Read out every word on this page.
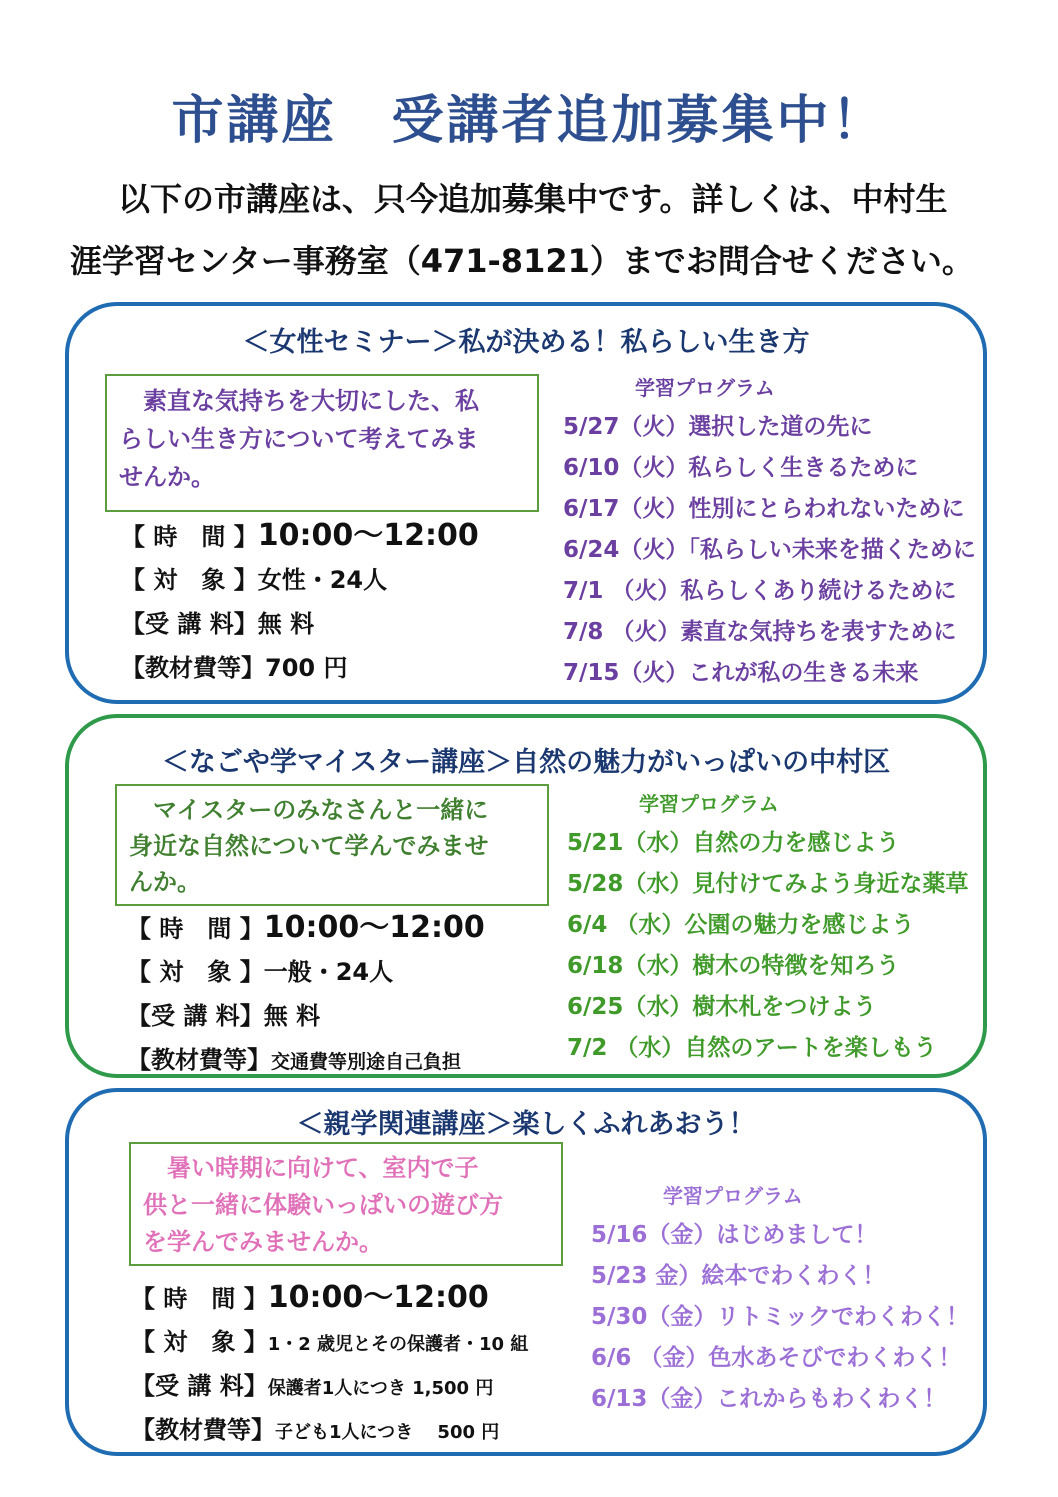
市講座　受講者追加募集中！
以下の市講座は、只今追加募集中です。詳しくは、中村生
涯学習センター事務室（471‑8121）までお問合せください。
＜女性セミナー＞私が決める！私らしい生き方
素直な気持ちを大切にした、私
らしい生き方について考えてみま
せんか。
【 時　間 】10:00〜12:00
【 対　象 】女性・24人
【受 講 料】無 料
【教材費等】700 円
学習プログラム
5/27（火）選択した道の先に
6/10（火）私らしく生きるために
6/17（火）性別にとらわれないために
6/24（火）「私らしい未来を描くために
7/1 （火）私らしくあり続けるために
7/8 （火）素直な気持ちを表すために
7/15（火）これが私の生きる未来
＜なごや学マイスター講座＞自然の魅力がいっぱいの中村区
マイスターのみなさんと一緒に
身近な自然について学んでみませ
んか。
【 時　間 】10:00〜12:00
【 対　象 】一般・24人
【受 講 料】無 料
【教材費等】交通費等別途自己負担
学習プログラム
5/21（水）自然の力を感じよう
5/28（水）見付けてみよう身近な薬草
6/4 （水）公園の魅力を感じよう
6/18（水）樹木の特徴を知ろう
6/25（水）樹木札をつけよう
7/2 （水）自然のアートを楽しもう
＜親学関連講座＞楽しくふれあおう！
暑い時期に向けて、室内で子
供と一緒に体験いっぱいの遊び方
を学んでみませんか。
【 時　間 】10:00〜12:00
【 対　象 】1・2 歳児とその保護者・10 組
【受 講 料】保護者1人につき 1,500 円
【教材費等】子ども1人につき　 500 円
学習プログラム
5/16（金）はじめまして！
5/23 金）絵本でわくわく！
5/30（金）リトミックでわくわく！
6/6 （金）色水あそびでわくわく！
6/13（金）これからもわくわく！
